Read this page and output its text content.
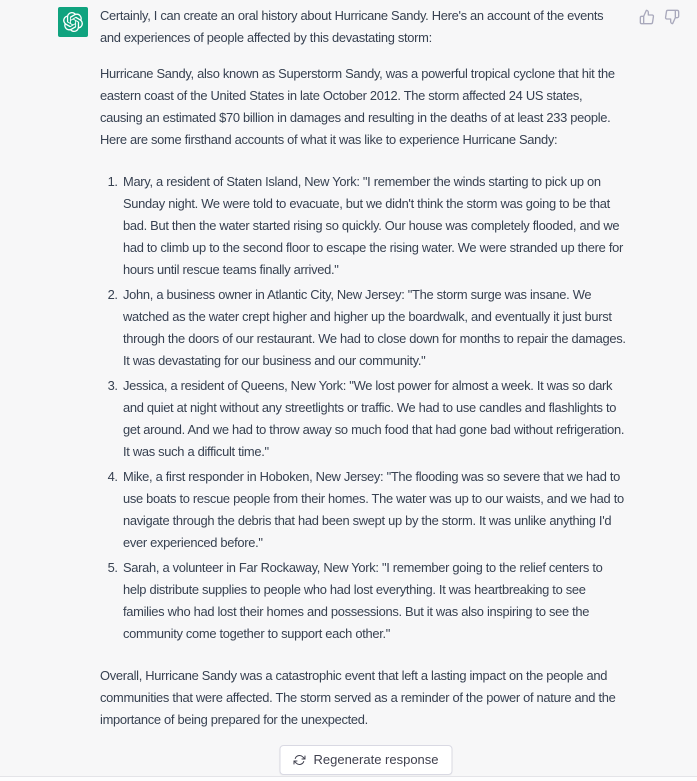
Certainly, I can create an oral history about Hurricane Sandy. Here's an account of the events and experiences of people affected by this devastating storm:

Hurricane Sandy, also known as Superstorm Sandy, was a powerful tropical cyclone that hit the eastern coast of the United States in late October 2012. The storm affected 24 US states, causing an estimated $70 billion in damages and resulting in the deaths of at least 233 people. Here are some firsthand accounts of what it was like to experience Hurricane Sandy:

1. Mary, a resident of Staten Island, New York: "I remember the winds starting to pick up on Sunday night. We were told to evacuate, but we didn't think the storm was going to be that bad. But then the water started rising so quickly. Our house was completely flooded, and we had to climb up to the second floor to escape the rising water. We were stranded up there for hours until rescue teams finally arrived."
2. John, a business owner in Atlantic City, New Jersey: "The storm surge was insane. We watched as the water crept higher and higher up the boardwalk, and eventually it just burst through the doors of our restaurant. We had to close down for months to repair the damages. It was devastating for our business and our community."
3. Jessica, a resident of Queens, New York: "We lost power for almost a week. It was so dark and quiet at night without any streetlights or traffic. We had to use candles and flashlights to get around. And we had to throw away so much food that had gone bad without refrigeration. It was such a difficult time."
4. Mike, a first responder in Hoboken, New Jersey: "The flooding was so severe that we had to use boats to rescue people from their homes. The water was up to our waists, and we had to navigate through the debris that had been swept up by the storm. It was unlike anything I'd ever experienced before."
5. Sarah, a volunteer in Far Rockaway, New York: "I remember going to the relief centers to help distribute supplies to people who had lost everything. It was heartbreaking to see families who had lost their homes and possessions. But it was also inspiring to see the community come together to support each other."

Overall, Hurricane Sandy was a catastrophic event that left a lasting impact on the people and communities that were affected. The storm served as a reminder of the power of nature and the importance of being prepared for the unexpected.

Regenerate response
